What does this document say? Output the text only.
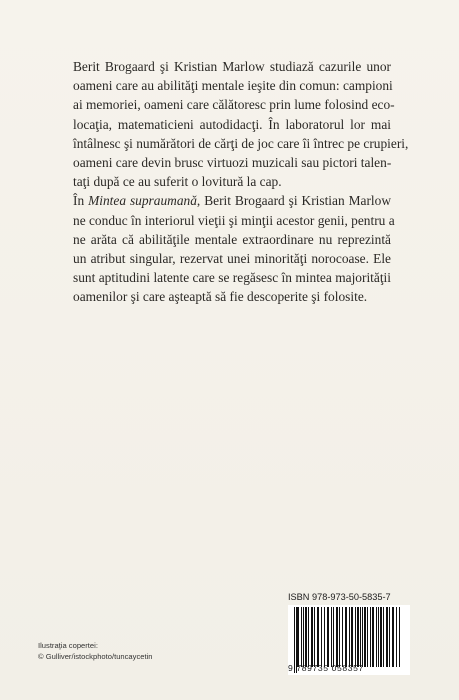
Berit Brogaard şi Kristian Marlow studiază cazurile unor
oameni care au abilităţi mentale ieşite din comun: campioni
ai memoriei, oameni care călătoresc prin lume folosind eco-
locaţia, matematicieni autodidacţi. În laboratorul lor mai
întâlnesc şi numărători de cărţi de joc care îi întrec pe crupieri,
oameni care devin brusc virtuozi muzicali sau pictori talen-
taţi după ce au suferit o lovitură la cap.

În Mintea supraumană, Berit Brogaard şi Kristian Marlow
ne conduc în interiorul vieţii şi minţii acestor genii, pentru a
ne arăta că abilităţile mentale extraordinare nu reprezintă
un atribut singular, rezervat unei minorităţi norocoase. Ele
sunt aptitudini latente care se regăsesc în mintea majorităţii
oamenilor şi care aşteaptă să fie descoperite şi folosite.

ISBN 978-973-50-5835-7
9 789735 058357
Ilustraţia copertei:
© Gulliver/istockphoto/tuncaycetin
